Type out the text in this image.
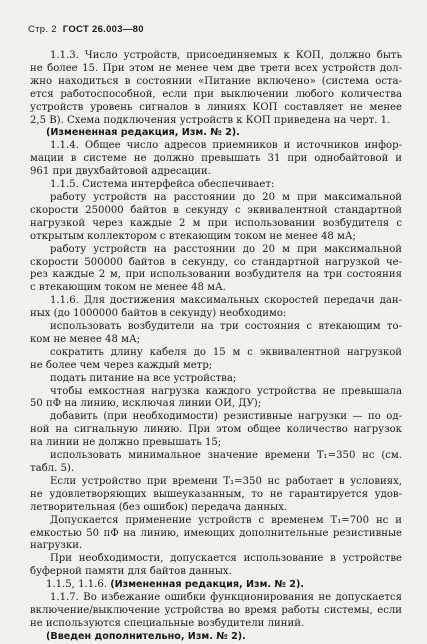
Стр. 2 ГОСТ 26.003—80
1.1.3. Число устройств, присоединяемых к КОП, должно быть
не более 15. При этом не менее чем две трети всех устройств дол-
жно находиться в состоянии «Питание включено» (система оста-
ется работоспособной, если при выключении любого количества
устройств уровень сигналов в линиях КОП составляет не менее
2,5 В). Схема подключения устройств к КОП приведена на черт. 1.
(Измененная редакция, Изм. № 2).
1.1.4. Общее число адресов приемников и источников инфор-
мации в системе не должно превышать 31 при однобайтовой и
961 при двухбайтовой адресации.
1.1.5. Система интерфейса обеспечивает:
работу устройств на расстоянии до 20 м при максимальной
скорости 250000 байтов в секунду с эквивалентной стандартной
нагрузкой через каждые 2 м при использовании возбудителя с
открытым коллектором с втекающим током не менее 48 мА;
работу устройств на расстоянии до 20 м при максимальной
скорости 500000 байтов в секунду, со стандартной нагрузкой че-
рез каждые 2 м, при использовании возбудителя на три состояния
с втекающим током не менее 48 мА.
1.1.6. Для достижения максимальных скоростей передачи дан-
ных (до 1000000 байтов в секунду) необходимо:
использовать возбудители на три состояния с втекающим то-
ком не менее 48 мА;
сократить длину кабеля до 15 м с эквивалентной нагрузкой
не более чем через каждый метр;
подать питание на все устройства;
чтобы емкостная нагрузка каждого устройства не превышала
50 пФ на линию, исключая линии ОИ, ДУ);
добавить (при необходимости) резистивные нагрузки — по од-
ной на сигнальную линию. При этом общее количество нагрузок
на линии не должно превышать 15;
использовать минимальное значение времени T₁=350 нс (см.
табл. 5).
Если устройство при времени T₁=350 нс работает в условиях,
не удовлетворяющих вышеуказанным, то не гарантируется удов-
летворительная (без ошибок) передача данных.
Допускается применение устройств с временем T₁=700 нс и
емкостью 50 пФ на линию, имеющих дополнительные резистивные
нагрузки.
При необходимости, допускается использование в устройстве
буферной памяти для байтов данных.
1.1.5, 1.1.6. (Измененная редакция, Изм. № 2).
1.1.7. Во избежание ошибки функционирования не допускается
включение/выключение устройства во время работы системы, если
не используются специальные возбудители линий.
(Введен дополнительно, Изм. № 2).
